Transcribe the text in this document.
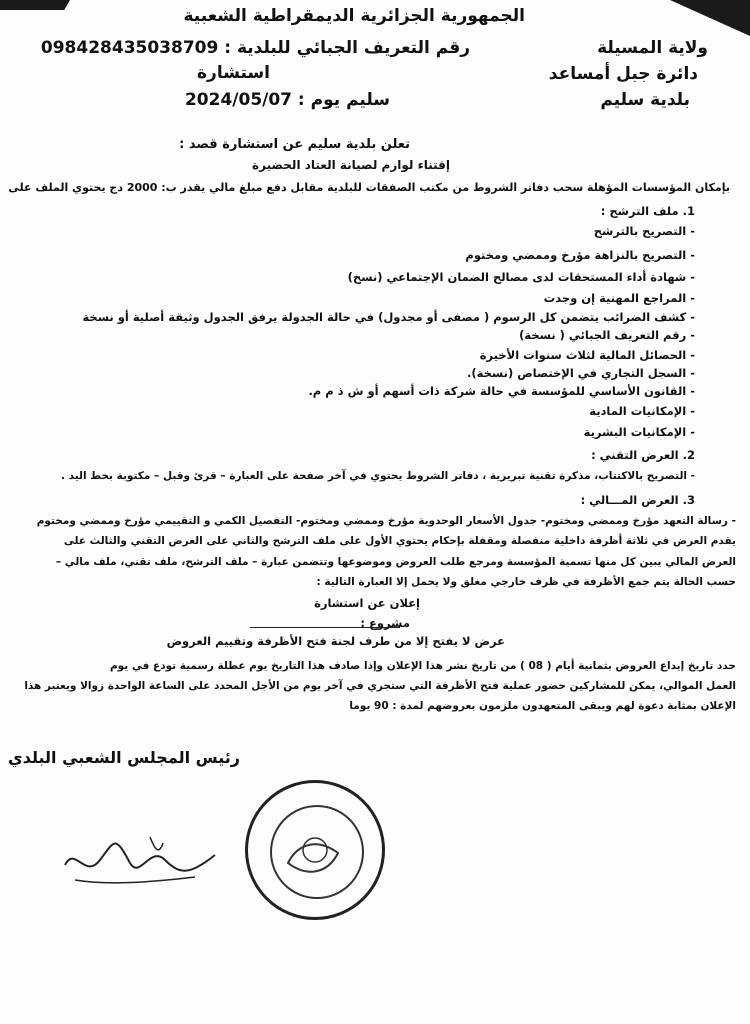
الجمهورية الجزائرية الديمقراطية الشعبية
ولاية المسيلة
دائرة جبل أمساعد
بلدية سليم
رقم التعريف الجبائي للبلدية : 098428435038709
استشارة
سليم يوم : 2024/05/07
تعلن بلدية سليم عن استشارة قصد :
إقتناء لوازم لصيانة العتاد الحضيرة
بإمكان المؤسسات المؤهلة سحب دفاتر الشروط من مكتب الصفقات للبلدية مقابل دفع مبلغ مالي يقدر ب: 2000 دج يحتوي الملف على
1. ملف الترشح :
- التصريح بالترشح
- التصريح بالنزاهة مؤرخ وممضي ومختوم
- شهادة أداء المستحقات لدى مصالح الضمان الإجتماعي (نسخ)
- المراجع المهنية إن وجدت
- كشف الضرائب يتضمن كل الرسوم ( مصفى أو مجدول) في حالة الجدولة يرفق الجدول وثيقة أصلية أو نسخة
- رقم التعريف الجبائي ( نسخة)
- الحصائل المالية لثلاث سنوات الأخيرة
- السجل التجاري في الإختصاص (نسخة).
- القانون الأساسي للمؤسسة في حالة شركة ذات أسهم أو ش ذ م م.
- الإمكانيات المادية
- الإمكانيات البشرية
2. العرض التقني :
- التصريح بالاكتتاب، مذكرة تقنية تبريرية ، دفاتر الشروط يحتوي في آخر صفحة على العبارة – قرئ وقبل – مكتوبة بخط اليد .
3. العرض المـــالي :
- رسالة التعهد مؤرخ وممضي ومختوم- جدول الأسعار الوحدوية مؤرخ وممضي ومختوم- التفصيل الكمي و التقييمي مؤرخ وممضي ومختوم
يقدم العرض في ثلاثة أظرفة داخلية منفصلة ومقفلة بإحكام يحتوي الأول على ملف الترشح والثاني على العرض التقني والثالث على
العرض المالي يبين كل منها تسمية المؤسسة ومرجع طلب العروض وموضوعها وتتضمن عبارة – ملف الترشح، ملف تقني، ملف مالي –
حسب الحالة يتم جمع الأظرفة في ظرف خارجي مغلق ولا يحمل إلا العبارة التالية :
إعلان عن استشارة
مشروع :
عرض لا يفتح إلا من طرف لجنة فتح الأظرفة وتقييم العروض
حدد تاريخ إيداع العروض بثمانية أيام ( 08 ) من تاريخ نشر هذا الإعلان وإذا صادف هذا التاريخ يوم عطلة رسمية تودع في يوم
العمل الموالي، يمكن للمشاركين حضور عملية فتح الأظرفة التي ستجري في آخر يوم من الأجل المحدد على الساعة الواحدة زوالا ويعتبر هذا
الإعلان بمثابة دعوة لهم ويبقى المتعهدون ملزمون بعروضهم لمدة : 90 يوما
رئيس المجلس الشعبي البلدي
